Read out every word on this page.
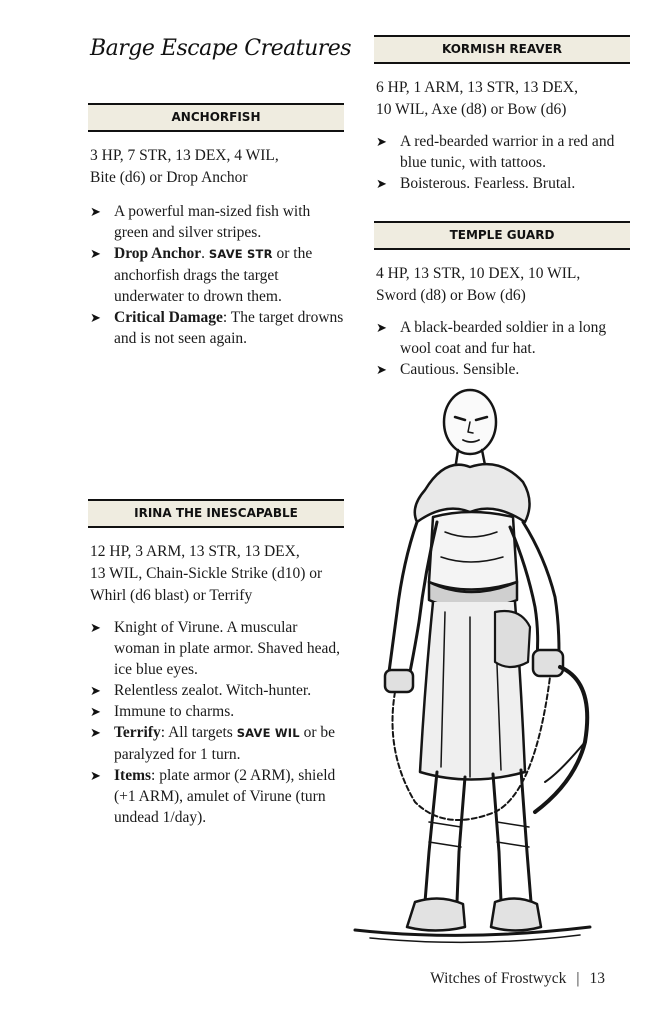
Barge Escape Creatures
ANCHORFISH
3 HP, 7 STR, 13 DEX, 4 WIL,
Bite (d6) or Drop Anchor
➤ A powerful man-sized fish with green and silver stripes.
➤ Drop Anchor. SAVE STR or the anchorfish drags the target underwater to drown them.
➤ Critical Damage: The target drowns and is not seen again.
KORMISH REAVER
6 HP, 1 ARM, 13 STR, 13 DEX,
10 WIL, Axe (d8) or Bow (d6)
➤ A red-bearded warrior in a red and blue tunic, with tattoos.
➤ Boisterous. Fearless. Brutal.
TEMPLE GUARD
4 HP, 13 STR, 10 DEX, 10 WIL,
Sword (d8) or Bow (d6)
➤ A black-bearded soldier in a long wool coat and fur hat.
➤ Cautious. Sensible.
IRINA THE INESCAPABLE
12 HP, 3 ARM, 13 STR, 13 DEX,
13 WIL, Chain-Sickle Strike (d10) or
Whirl (d6 blast) or Terrify
➤ Knight of Virune. A muscular woman in plate armor. Shaved head, ice blue eyes.
➤ Relentless zealot. Witch-hunter.
➤ Immune to charms.
➤ Terrify: All targets SAVE WIL or be paralyzed for 1 turn.
➤ Items: plate armor (2 ARM), shield (+1 ARM), amulet of Virune (turn undead 1/day).
Witches of Frostwyck | 13
